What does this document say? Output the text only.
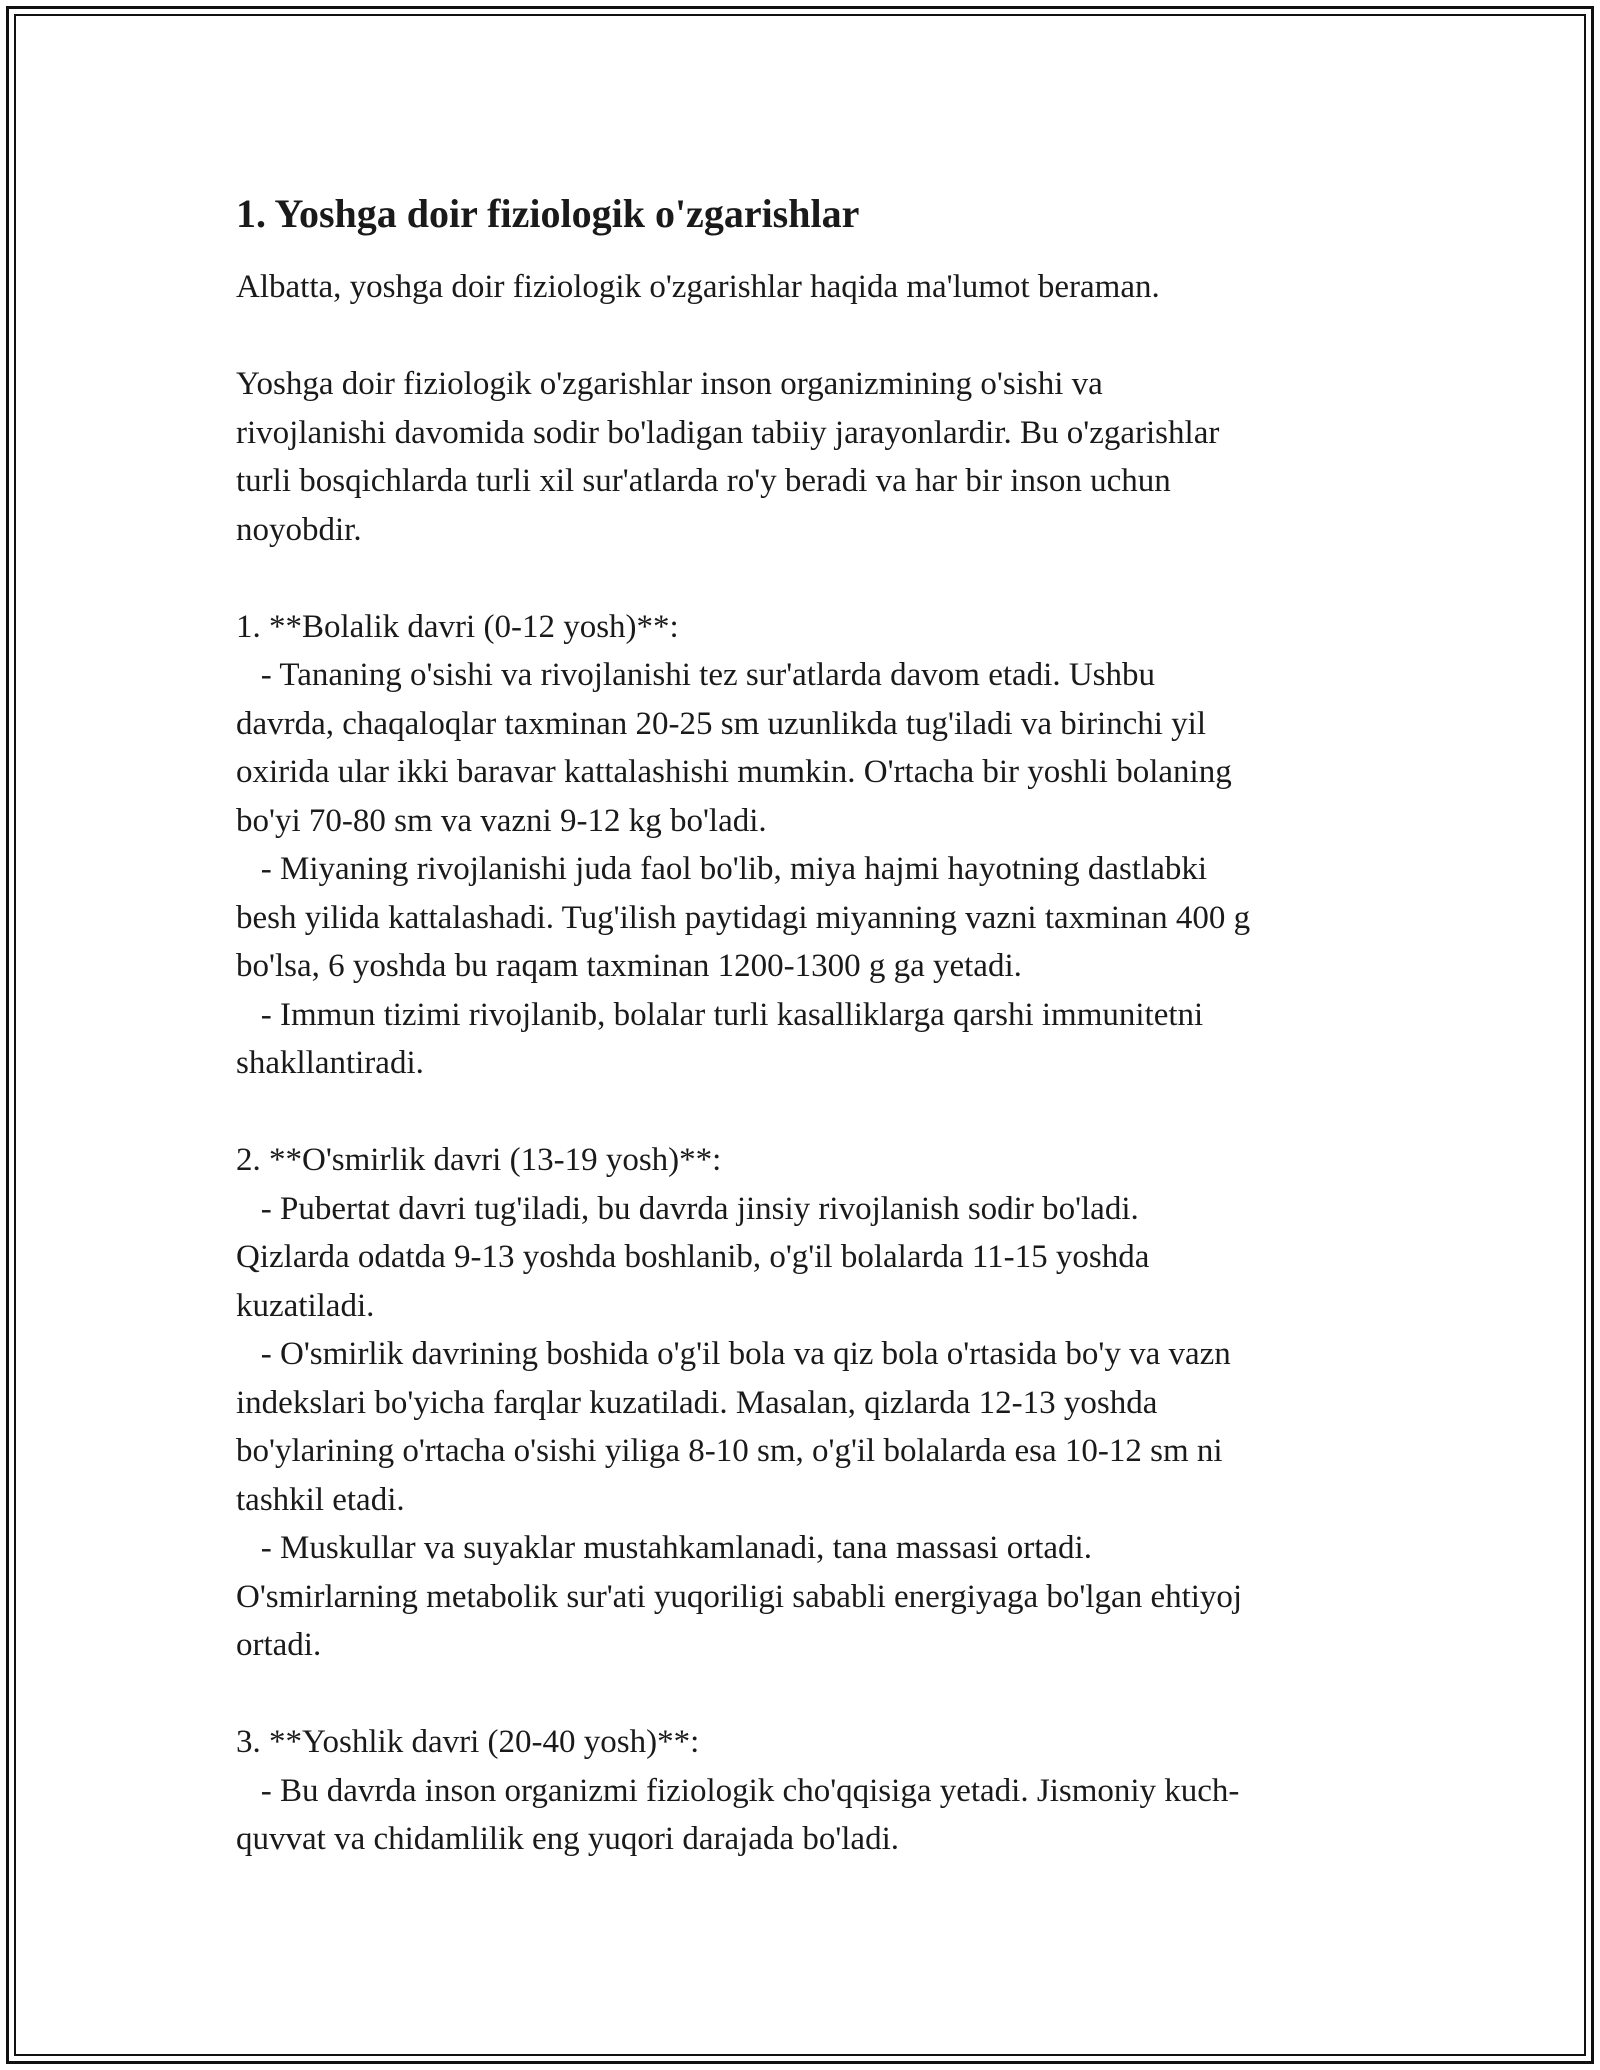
1. Yoshga doir fiziologik o'zgarishlar

Albatta, yoshga doir fiziologik o'zgarishlar haqida ma'lumot beraman.

Yoshga doir fiziologik o'zgarishlar inson organizmining o'sishi va
rivojlanishi davomida sodir bo'ladigan tabiiy jarayonlardir. Bu o'zgarishlar
turli bosqichlarda turli xil sur'atlarda ro'y beradi va har bir inson uchun
noyobdir.

1. **Bolalik davri (0-12 yosh)**:
- Tananing o'sishi va rivojlanishi tez sur'atlarda davom etadi. Ushbu
davrda, chaqaloqlar taxminan 20-25 sm uzunlikda tug'iladi va birinchi yil
oxirida ular ikki baravar kattalashishi mumkin. O'rtacha bir yoshli bolaning
bo'yi 70-80 sm va vazni 9-12 kg bo'ladi.
- Miyaning rivojlanishi juda faol bo'lib, miya hajmi hayotning dastlabki
besh yilida kattalashadi. Tug'ilish paytidagi miyanning vazni taxminan 400 g
bo'lsa, 6 yoshda bu raqam taxminan 1200-1300 g ga yetadi.
- Immun tizimi rivojlanib, bolalar turli kasalliklarga qarshi immunitetni
shakllantiradi.

2. **O'smirlik davri (13-19 yosh)**:
- Pubertat davri tug'iladi, bu davrda jinsiy rivojlanish sodir bo'ladi.
Qizlarda odatda 9-13 yoshda boshlanib, o'g'il bolalarda 11-15 yoshda
kuzatiladi.
- O'smirlik davrining boshida o'g'il bola va qiz bola o'rtasida bo'y va vazn
indekslari bo'yicha farqlar kuzatiladi. Masalan, qizlarda 12-13 yoshda
bo'ylarining o'rtacha o'sishi yiliga 8-10 sm, o'g'il bolalarda esa 10-12 sm ni
tashkil etadi.
- Muskullar va suyaklar mustahkamlanadi, tana massasi ortadi.
O'smirlarning metabolik sur'ati yuqoriligi sababli energiyaga bo'lgan ehtiyoj
ortadi.

3. **Yoshlik davri (20-40 yosh)**:
- Bu davrda inson organizmi fiziologik cho'qqisiga yetadi. Jismoniy kuch-
quvvat va chidamlilik eng yuqori darajada bo'ladi.
